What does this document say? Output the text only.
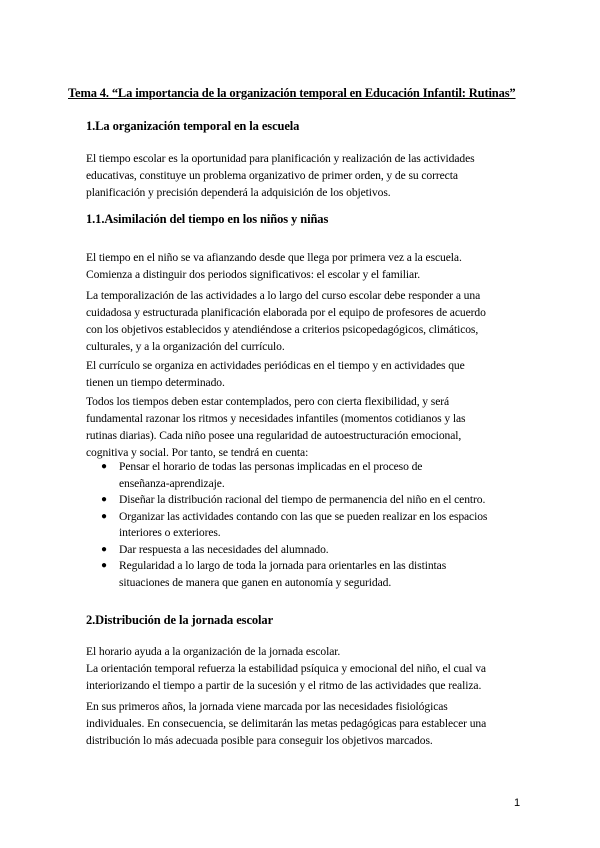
Tema 4. “La importancia de la organización temporal en Educación Infantil: Rutinas”
1.La organización temporal en la escuela
El tiempo escolar es la oportunidad para planificación y realización de las actividades
educativas, constituye un problema organizativo de primer orden, y de su correcta
planificación y precisión dependerá la adquisición de los objetivos.
1.1.Asimilación del tiempo en los niños y niñas
El tiempo en el niño se va afianzando desde que llega por primera vez a la escuela.
Comienza a distinguir dos periodos significativos: el escolar y el familiar.
La temporalización de las actividades a lo largo del curso escolar debe responder a una
cuidadosa y estructurada planificación elaborada por el equipo de profesores de acuerdo
con los objetivos establecidos y atendiéndose a criterios psicopedagógicos, climáticos,
culturales, y a la organización del currículo.
El currículo se organiza en actividades periódicas en el tiempo y en actividades que
tienen un tiempo determinado.
Todos los tiempos deben estar contemplados, pero con cierta flexibilidad, y será
fundamental razonar los ritmos y necesidades infantiles (momentos cotidianos y las
rutinas diarias). Cada niño posee una regularidad de autoestructuración emocional,
cognitiva y social. Por tanto, se tendrá en cuenta:
● Pensar el horario de todas las personas implicadas en el proceso de
enseñanza-aprendizaje.
● Diseñar la distribución racional del tiempo de permanencia del niño en el centro.
● Organizar las actividades contando con las que se pueden realizar en los espacios
interiores o exteriores.
● Dar respuesta a las necesidades del alumnado.
● Regularidad a lo largo de toda la jornada para orientarles en las distintas
situaciones de manera que ganen en autonomía y seguridad.
2.Distribución de la jornada escolar
El horario ayuda a la organización de la jornada escolar.
La orientación temporal refuerza la estabilidad psíquica y emocional del niño, el cual va
interiorizando el tiempo a partir de la sucesión y el ritmo de las actividades que realiza.
En sus primeros años, la jornada viene marcada por las necesidades fisiológicas
individuales. En consecuencia, se delimitarán las metas pedagógicas para establecer una
distribución lo más adecuada posible para conseguir los objetivos marcados.
1
